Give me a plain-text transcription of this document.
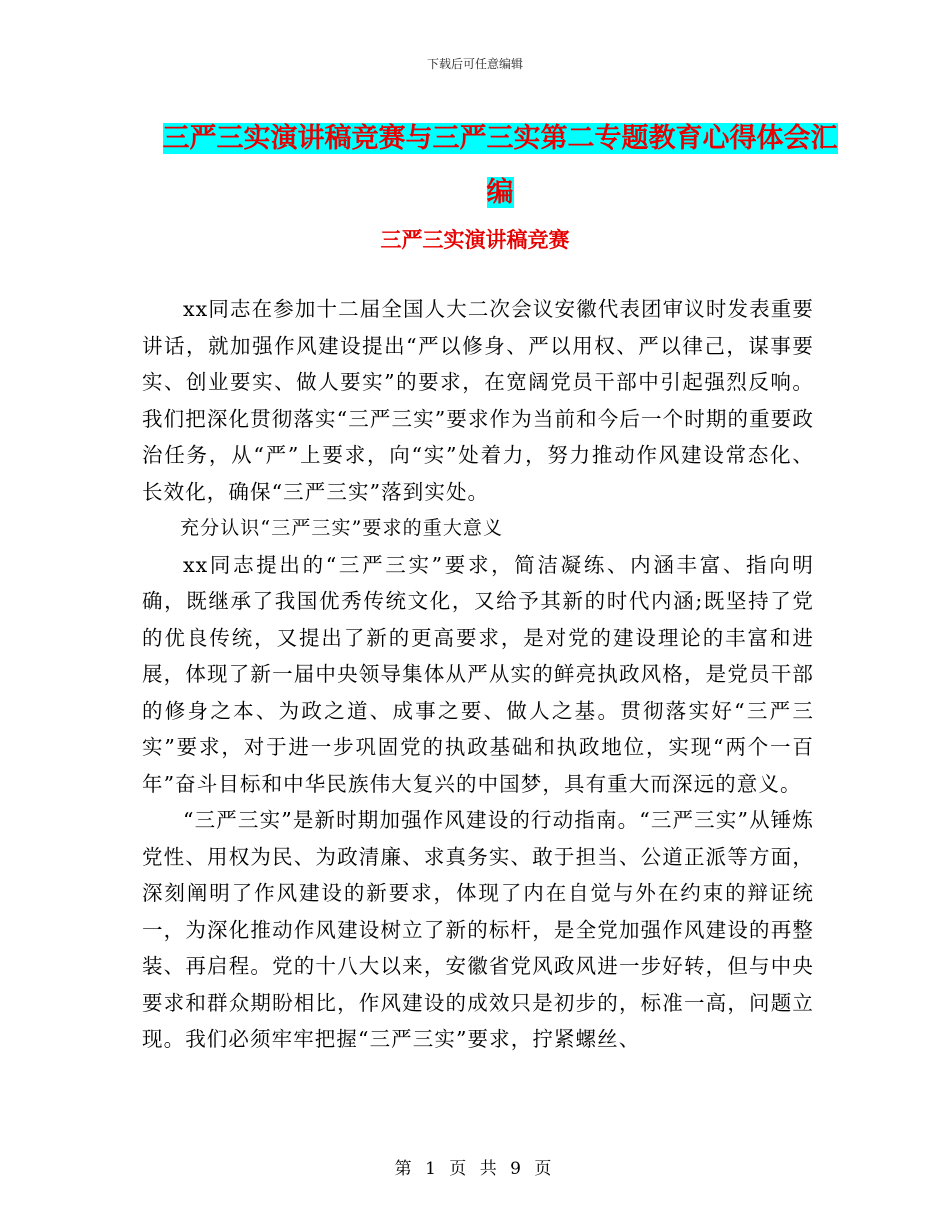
下载后可任意编辑
三严三实演讲稿竞赛与三严三实第二专题教育心得体会汇编
三严三实演讲稿竞赛

xx同志在参加十二届全国人大二次会议安徽代表团审议时发表重要讲话，就加强作风建设提出“严以修身、严以用权、严以律己，谋事要实、创业要实、做人要实”的要求，在宽阔党员干部中引起强烈反响。我们把深化贯彻落实“三严三实”要求作为当前和今后一个时期的重要政治任务，从“严”上要求，向“实”处着力，努力推动作风建设常态化、长效化，确保“三严三实”落到实处。

充分认识“三严三实”要求的重大意义

xx同志提出的“三严三实”要求，简洁凝练、内涵丰富、指向明确，既继承了我国优秀传统文化，又给予其新的时代内涵;既坚持了党的优良传统，又提出了新的更高要求，是对党的建设理论的丰富和进展，体现了新一届中央领导集体从严从实的鲜亮执政风格，是党员干部的修身之本、为政之道、成事之要、做人之基。贯彻落实好“三严三实”要求，对于进一步巩固党的执政基础和执政地位，实现“两个一百年”奋斗目标和中华民族伟大复兴的中国梦，具有重大而深远的意义。

“三严三实”是新时期加强作风建设的行动指南。“三严三实”从锤炼党性、用权为民、为政清廉、求真务实、敢于担当、公道正派等方面，深刻阐明了作风建设的新要求，体现了内在自觉与外在约束的辩证统一，为深化推动作风建设树立了新的标杆，是全党加强作风建设的再整装、再启程。党的十八大以来，安徽省党风政风进一步好转，但与中央要求和群众期盼相比，作风建设的成效只是初步的，标准一高，问题立现。我们必须牢牢把握“三严三实”要求，拧紧螺丝、

第 1 页 共 9 页
